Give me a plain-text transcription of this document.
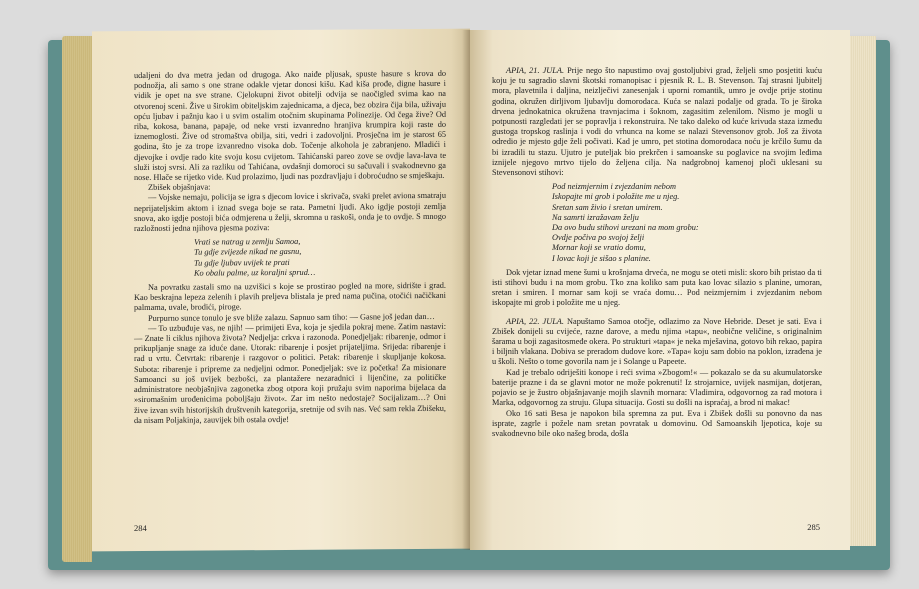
udaljeni do dva metra jedan od drugoga. Ako naiđe pljusak, spuste hasure s krova do podnožja, ali samo s one strane odakle vjetar donosi kišu. Kad kiša prođe, digne hasure i vidik je opet na sve strane. Cjelokupni život obitelji odvija se naočigled svima kao na otvorenoj sceni. Žive u širokim obiteljskim zajednicama, a djeca, bez obzira čija bila, uživaju opću ljubav i pažnju kao i u svim ostalim otočnim skupinama Polinezije. Od čega žive? Od riba, kokosa, banana, papaje, od neke vrsti izvanredno hranjiva krumpira koji raste do iznemoglosti. Žive od stromaštva obilja, siti, vedri i zadovoljni. Prosječna im je starost 65 godina, što je za trope izvanredno visoka dob. Točenje alkohola je zabranjeno. Mladići i djevojke i ovdje rado kite svoju kosu cvijetom. Tahićanski pareo zove se ovdje lava-lava te služi istoj svrsi. Ali za razliku od Tahićana, ovdašnji domoroci su sačuvali i svakodnevno ga nose. Hlače se rijetko vide. Kud prolazimo, ljudi nas pozdravljaju i dobroćudno se smješkaju.

Zbišek objašnjava:

— Vojske nemaju, policija se igra s djecom lovice i skrivača, svaki prelet aviona smatraju neprijateljskim aktom i iznad svega boje se rata. Pametni ljudi. Ako igdje postoji zemlja snova, ako igdje postoji bića odmjerena u želji, skromna u raskoši, onda je to ovdje. S mnogo razložnosti jedna njihova pjesma poziva:

Vrati se natrag u zemlju Samoa,
Tu gdje zvijezde nikad ne gasnu,
Tu gdje ljubav uvijek te prati
Ko obalu palme, uz koraljni sprud…

Na povratku zastali smo na uzvišici s koje se prostirao pogled na more, sidrište i grad. Kao beskrajna lepeza zelenih i plavih preljeva blistala je pred nama pučina, otočići načičkani palmama, uvale, brodići, piroge.

Purpurno sunce tonulo je sve bliže zalazu. Sapnuo sam tiho: — Gasne još jedan dan…

— To uzbuđuje vas, ne njih! — primijeti Eva, koja je sjedila pokraj mene. Zatim nastavi: — Znate li ciklus njihova života? Nedjelja: crkva i razonoda. Ponedjeljak: ribarenje, odmor i prikupljanje snage za iduće dane. Utorak: ribarenje i posjet prijateljima. Srijeda: ribarenje i rad u vrtu. Četvrtak: ribarenje i razgovor o politici. Petak: ribarenje i skupljanje kokosa. Subota: ribarenje i pripreme za nedjeljni odmor. Ponedjeljak: sve iz početka! Za misionare Samoanci su još uvijek bezbošci, za plantažere nezaradnici i lijenčine, za političke administratore neobjašnjiva zagonetka zbog otpora koji pružaju svim naporima bijelaca da »siromašnim urođenicima poboljšaju život«. Zar im nešto nedostaje? Socijalizam…? Oni žive izvan svih historijskih društvenih kategorija, sretnije od svih nas. Već sam rekla Zbišeku, da nisam Poljakinja, zauvijek bih ostala ovdje!

284

APIA, 21. JULA. Prije nego što napustimo ovaj gostoljubivi grad, željeli smo posjetiti kuću koju je tu sagradio slavni škotski romanopisac i pjesnik R. L. B. Stevenson. Taj strasni ljubitelj mora, plavetnila i daljina, neizlječivi zanesenjak i uporni romantik, umro je ovdje prije stotinu godina, okružen dirljivom ljubavlju domorodaca. Kuća se nalazi podalje od grada. To je široka drvena jednokatnica okružena travnjacima i šoknom, zagasitim zelenilom. Nismo je mogli u potpunosti razgledati jer se popravlja i rekonstruira. Ne tako daleko od kuće krivuda staza između gustoga tropskog raslinja i vodi do vrhunca na kome se nalazi Stevensonov grob. Još za života odredio je mjesto gdje želi počivati. Kad je umro, pet stotina domorodaca noću je krčilo šumu da bi izradili tu stazu. Ujutro je puteljak bio prekrčen i samoanske su poglavice na svojim leđima iznijele njegovo mrtvo tijelo do željena cilja. Na nadgrobnoj kamenoj ploči uklesani su Stevensonovi stihovi:

Pod neizmjernim i zvjezdanim nebom
Iskopajte mi grob i položite me u njeg.
Sretan sam živio i sretan umirem.
Na samrti izražavam želju
Da ovo budu stihovi urezani na mom grobu:
Ovdje počiva po svojoj želji
Mornar koji se vratio domu,
I lovac koji je sišao s planine.

Dok vjetar iznad mene šumi u krošnjama drveća, ne mogu se oteti misli: skoro bih pristao da ti isti stihovi budu i na mom grobu. Tko zna koliko sam puta kao lovac silazio s planine, umoran, sretan i smiren. I mornar sam koji se vraća domu… Pod neizmjernim i zvjezdanim nebom iskopajte mi grob i položite me u njeg.

APIA, 22. JULA. Napuštamo Samoa otočje, odlazimo za Nove Hebride. Deset je sati. Eva i Zbišek donijeli su cvijeće, razne darove, a među njima »tapu«, neobične veličine, s originalnim šarama u boji zagasitosmeđe okera. Po strukturi »tapa« je neka mješavina, gotovo bih rekao, papira i biljnih vlakana. Dobiva se preradom dudove kore. »Tapa« koju sam dobio na poklon, izrađena je u školi. Nešto o tome govorila nam je i Solange u Papeete.

Kad je trebalo odriješiti konope i reći svima »Zbogom!« — pokazalo se da su akumulatorske baterije prazne i da se glavni motor ne može pokrenuti! Iz strojarnice, uvijek nasmijan, dotjeran, pojavio se je žustro objašnjavanje mojih slavnih mornara: Vladimira, odgovornog za rad motora i Marka, odgovornog za struju. Glupa situacija. Gosti su došli na ispraćaj, a brod ni makac!

Oko 16 sati Besa je napokon bila spremna za put. Eva i Zbišek došli su ponovno da nas isprate, zagrle i požele nam sretan povratak u domovinu. Od Samoanskih ljepotica, koje su svakodnevno bile oko našeg broda, došla

285
